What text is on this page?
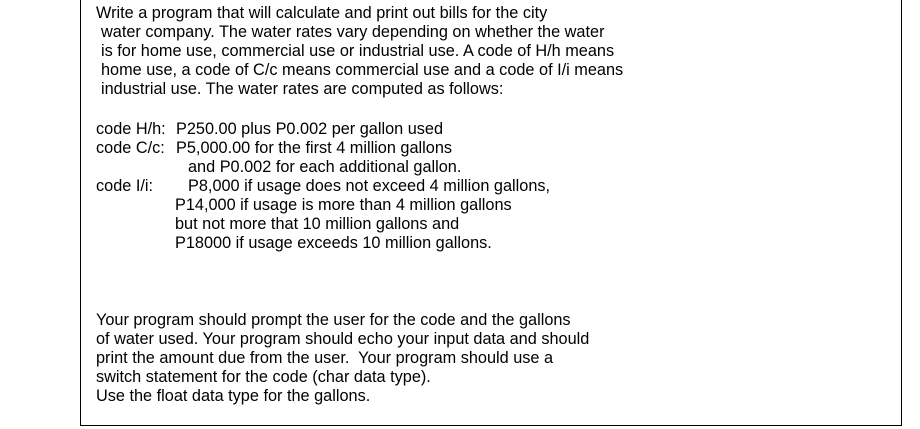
Write a program that will calculate and print out bills for the city
water company. The water rates vary depending on whether the water
is for home use, commercial use or industrial use. A code of H/h means
home use, a code of C/c means commercial use and a code of I/i means
industrial use. The water rates are computed as follows:
code H/h: P250.00 plus P0.002 per gallon used
code C/c: P5,000.00 for the first 4 million gallons
and P0.002 for each additional gallon.
code I/i: P8,000 if usage does not exceed 4 million gallons,
P14,000 if usage is more than 4 million gallons
but not more that 10 million gallons and
P18000 if usage exceeds 10 million gallons.
Your program should prompt the user for the code and the gallons
of water used. Your program should echo your input data and should
print the amount due from the user.  Your program should use a
switch statement for the code (char data type).
Use the float data type for the gallons.
